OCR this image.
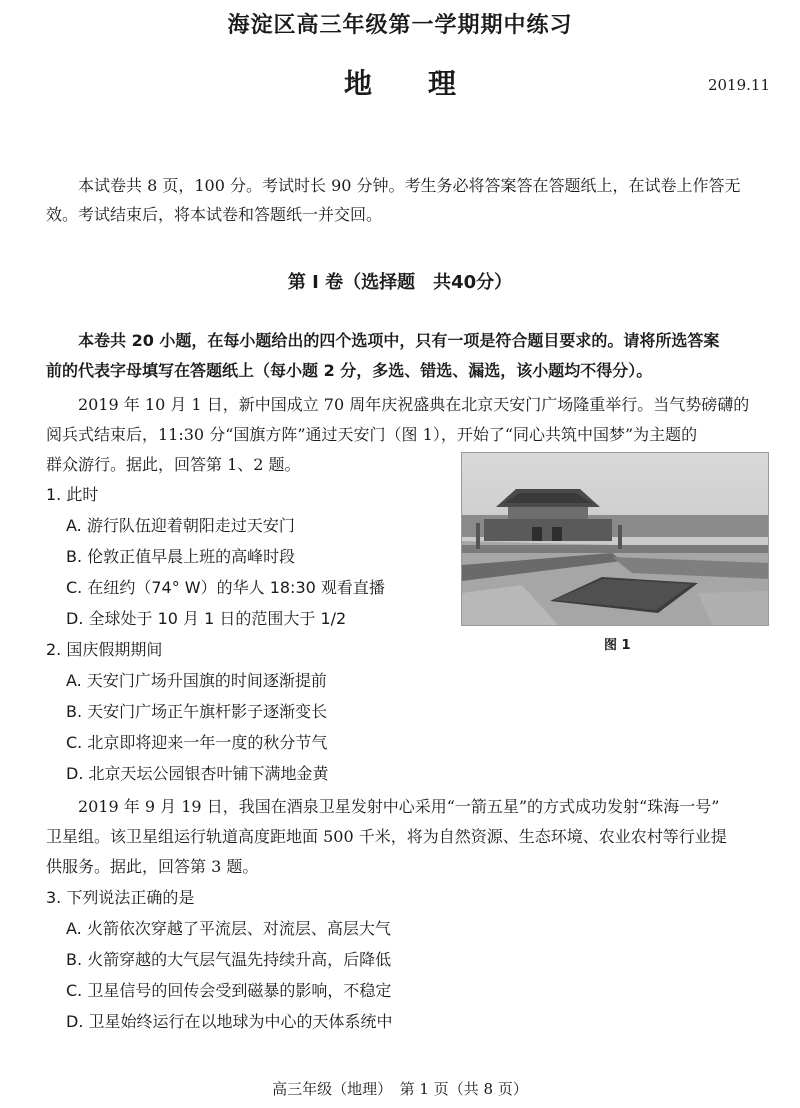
海淀区高三年级第一学期期中练习
地　　理	2019.11
本试卷共 8 页，100 分。考试时长 90 分钟。考生务必将答案答在答题纸上，在试卷上作答无
效。考试结束后，将本试卷和答题纸一并交回。
第 I 卷（选择题　共40分）
本卷共 20 小题，在每小题给出的四个选项中，只有一项是符合题目要求的。请将所选答案
前的代表字母填写在答题纸上（每小题 2 分，多选、错选、漏选，该小题均不得分）。
2019 年 10 月 1 日，新中国成立 70 周年庆祝盛典在北京天安门广场隆重举行。当气势磅礴的
阅兵式结束后，11:30 分“国旗方阵”通过天安门（图 1），开始了“同心共筑中国梦”为主题的
群众游行。据此，回答第 1、2 题。
图 1
1. 此时
A. 游行队伍迎着朝阳走过天安门
B. 伦敦正值早晨上班的高峰时段
C. 在纽约（74° W）的华人 18:30 观看直播
D. 全球处于 10 月 1 日的范围大于 1/2
2. 国庆假期期间
A. 天安门广场升国旗的时间逐渐提前
B. 天安门广场正午旗杆影子逐渐变长
C. 北京即将迎来一年一度的秋分节气
D. 北京天坛公园银杏叶铺下满地金黄
2019 年 9 月 19 日，我国在酒泉卫星发射中心采用“一箭五星”的方式成功发射“珠海一号”
卫星组。该卫星组运行轨道高度距地面 500 千米，将为自然资源、生态环境、农业农村等行业提
供服务。据此，回答第 3 题。
3. 下列说法正确的是
A. 火箭依次穿越了平流层、对流层、高层大气
B. 火箭穿越的大气层气温先持续升高，后降低
C. 卫星信号的回传会受到磁暴的影响，不稳定
D. 卫星始终运行在以地球为中心的天体系统中
高三年级（地理）　第 1 页（共 8 页）
